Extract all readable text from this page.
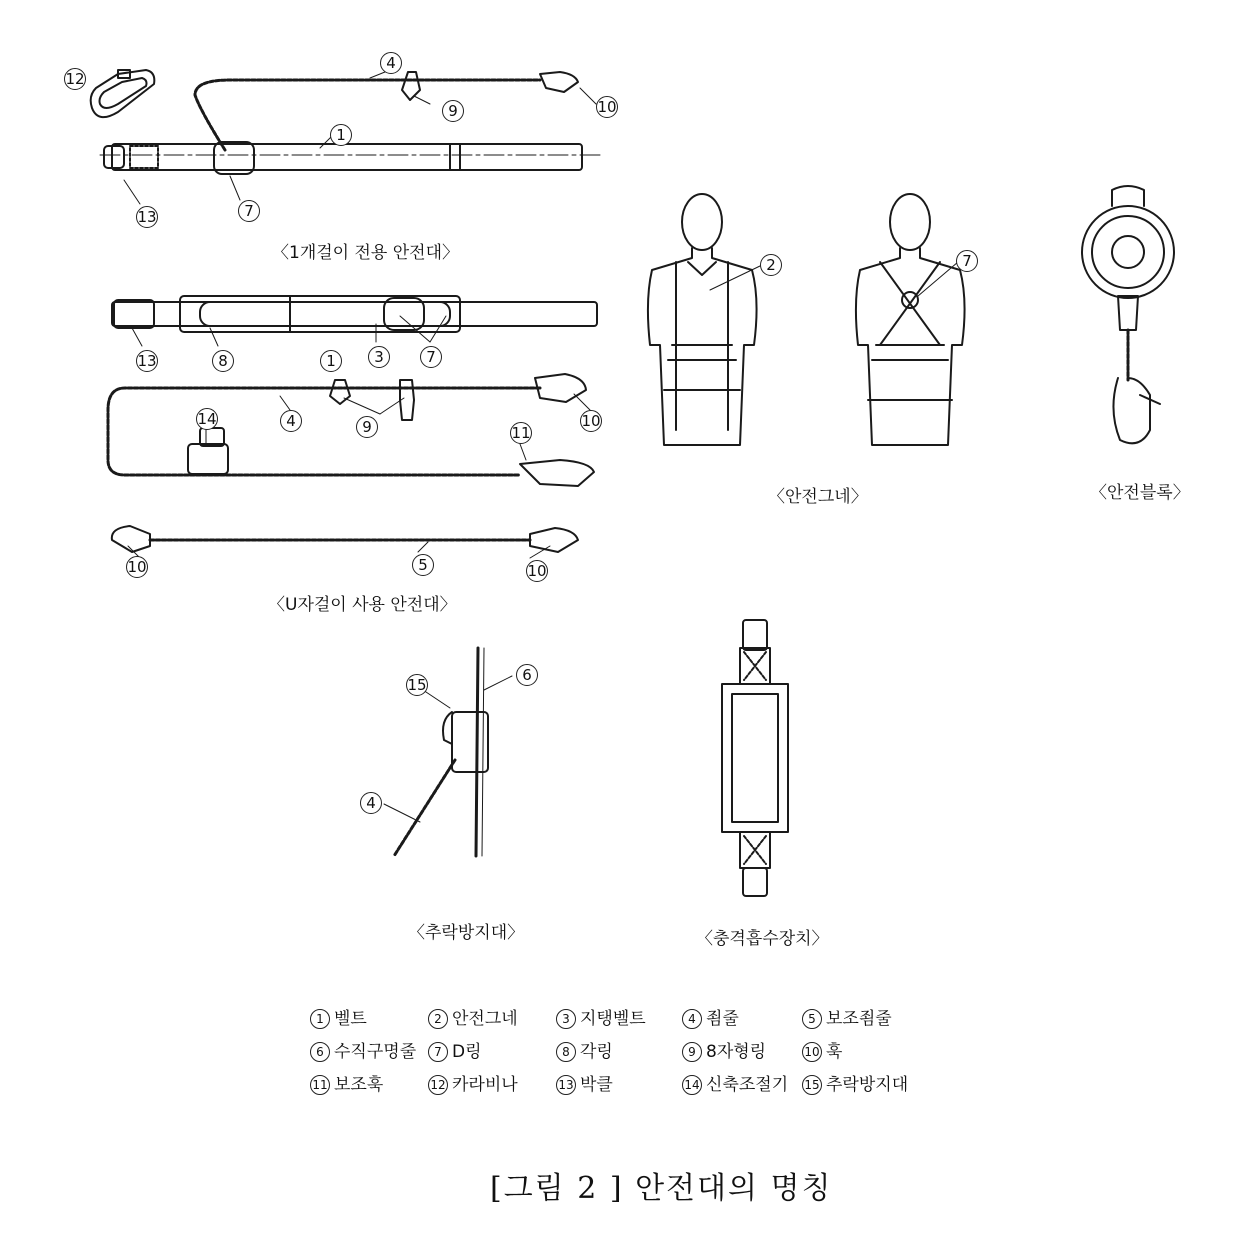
〈1개걸이 전용 안전대〉
〈U자걸이 사용 안전대〉
〈안전그네〉	〈안전블록〉
〈추락방지대〉	〈충격흡수장치〉
4
12
9	10
1
7
13
2	7
13	8	1	3	7
14	4	9	10
11
10	5	10
15
6
4
1 벨트	2 안전그네	3 지탱벨트	4 죔줄	5 보조죔줄
6 수직구명줄	7 D링	8 각링	9 8자형링	10 훅
11 보조훅	12 카라비나	13 박클	14 신축조절기 15 추락방지대
[그림 2 ] 안전대의 명칭
